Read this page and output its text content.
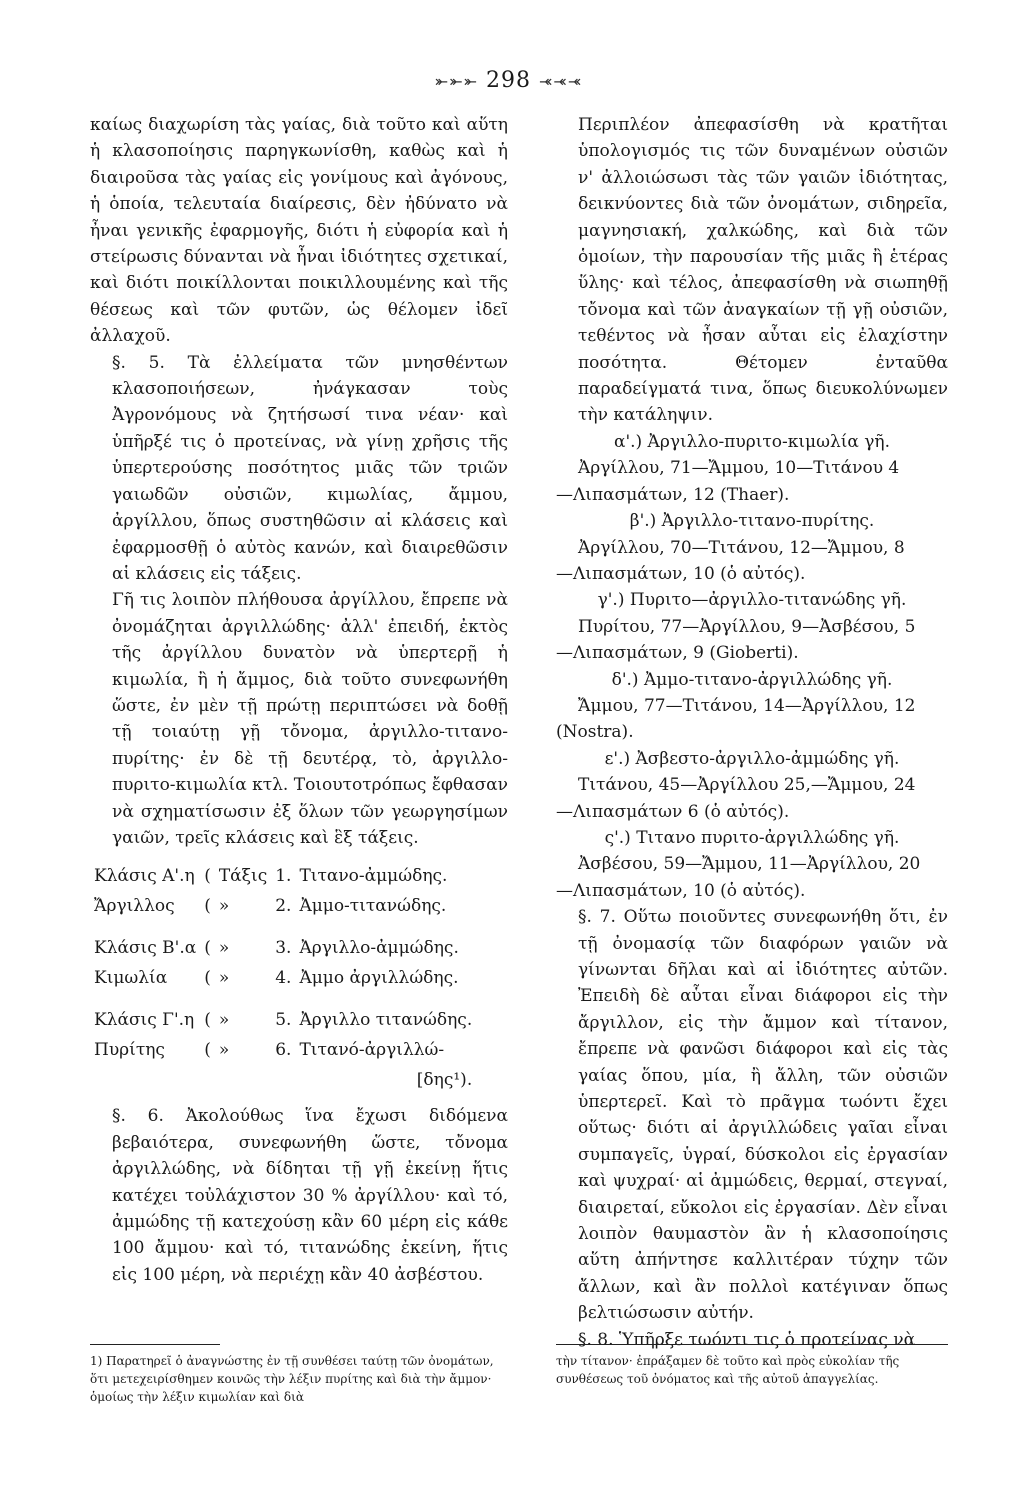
⤜⤜⤜ 298 ⤛⤛⤛

καίως διαχωρίση τὰς γαίας, διὰ τοῦτο καὶ αὕτη ἡ κλασοποίησις παρηγκωνίσθη, καθὼς καὶ ἡ διαιροῦσα τὰς γαίας εἰς γονίμους καὶ ἀγόνους, ἡ ὁποία, τελευταία διαίρεσις, δὲν ἠδύνατο νὰ ἦναι γενικῆς ἐφαρμογῆς, διότι ἡ εὐφορία καὶ ἡ στείρωσις δύνανται νὰ ἦναι ἰδιότητες σχετικαί, καὶ διότι ποικίλλονται ποικιλλουμένης καὶ τῆς θέσεως καὶ τῶν φυτῶν, ὡς θέλομεν ἰδεῖ ἀλλαχοῦ.

§. 5. Τὰ ἐλλείματα τῶν μνησθέντων κλασοποιήσεων, ἠνάγκασαν τοὺς Ἀγρονόμους νὰ ζητήσωσί τινα νέαν· καὶ ὑπῆρξέ τις ὁ προτείνας, νὰ γίνῃ χρῆσις τῆς ὑπερτερούσης ποσότητος μιᾶς τῶν τριῶν γαιωδῶν οὐσιῶν, κιμωλίας, ἄμμου, ἀργίλλου, ὅπως συστηθῶσιν αἱ κλάσεις καὶ ἐφαρμοσθῇ ὁ αὐτὸς κανών, καὶ διαιρεθῶσιν αἱ κλάσεις εἰς τάξεις.

Γῆ τις λοιπὸν πλήθουσα ἀργίλλου, ἔπρεπε νὰ ὀνομάζηται ἀργιλλώδης· ἀλλ' ἐπειδή, ἐκτὸς τῆς ἀργίλλου δυνατὸν νὰ ὑπερτερῇ ἡ κιμωλία, ἢ ἡ ἄμμος, διὰ τοῦτο συνεφωνήθη ὥστε, ἐν μὲν τῇ πρώτῃ περιπτώσει νὰ δοθῇ τῇ τοιαύτῃ γῇ τὄνομα, ἀργιλλο-τιτανο-πυρίτης· ἐν δὲ τῇ δευτέρᾳ, τὸ, ἀργιλλο-πυριτο-κιμωλία κτλ. Τοιουτοτρόπως ἔφθασαν νὰ σχηματίσωσιν ἐξ ὅλων τῶν γεωργησίμων γαιῶν, τρεῖς κλάσεις καὶ ἓξ τάξεις.

Κλάσις Α'.η	(	Τάξις	1.	Τιτανο-ἀμμώδης.
Ἄργιλλος	(	»	2.	Ἀμμο-τιτανώδης.
Κλάσις Β'.α	(	»	3.	Ἀργιλλο-ἀμμώδης.
Κιμωλία	(	»	4.	Ἀμμο ἀργιλλώδης.
Κλάσις Γ'.η	(	»	5.	Ἀργιλλο τιτανώδης.
Πυρίτης	(	»	6.	Τιτανό-ἀργιλλώ-
				[δης¹).

§. 6. Ἀκολούθως ἵνα ἔχωσι διδόμενα βεβαιότερα, συνεφωνήθη ὥστε, τὄνομα ἀργιλλώδης, νὰ δίδηται τῇ γῇ ἐκείνῃ ἥτις κατέχει τοὐλάχιστον 30 % ἀργίλλου· καὶ τό, ἀμμώδης τῇ κατεχούσῃ κἂν 60 μέρη εἰς κάθε 100 ἄμμου· καὶ τό, τιτανώδης ἐκείνη, ἥτις εἰς 100 μέρη, νὰ περιέχῃ κἂν 40 ἀσβέστου.

Περιπλέον ἀπεφασίσθη νὰ κρατῆται ὑπολογισμός τις τῶν δυναμένων οὐσιῶν ν' ἀλλοιώσωσι τὰς τῶν γαιῶν ἰδιότητας, δεικνύοντες διὰ τῶν ὀνομάτων, σιδηρεῖα, μαγνησιακή, χαλκώδης, καὶ διὰ τῶν ὁμοίων, τὴν παρουσίαν τῆς μιᾶς ἢ ἑτέρας ὕλης· καὶ τέλος, ἀπεφασίσθη νὰ σιωπηθῇ τὄνομα καὶ τῶν ἀναγκαίων τῇ γῇ οὐσιῶν, τεθέντος νὰ ἦσαν αὗται εἰς ἐλαχίστην ποσότητα. Θέτομεν ἐνταῦθα παραδείγματά τινα, ὅπως διευκολύνωμεν τὴν κατάληψιν.

α'.) Ἀργιλλο-πυριτο-κιμωλία γῆ.
Ἀργίλλου, 71—Ἄμμου, 10—Τιτάνου 4
—Λιπασμάτων, 12 (Thaer).
β'.) Ἀργιλλο-τιτανο-πυρίτης.
Ἀργίλλου, 70—Τιτάνου, 12—Ἄμμου, 8
—Λιπασμάτων, 10 (ὁ αὐτός).
γ'.) Πυριτο—ἀργιλλο-τιτανώδης γῆ.
Πυρίτου, 77—Ἀργίλλου, 9—Ἀσβέσου, 5
—Λιπασμάτων, 9 (Gioberti).
δ'.) Ἀμμο-τιτανο-ἀργιλλώδης γῆ.
Ἄμμου, 77—Τιτάνου, 14—Ἀργίλλου, 12
(Nostra).
ε'.) Ἀσβεστο-ἀργιλλο-ἀμμώδης γῆ.
Τιτάνου, 45—Ἀργίλλου 25,—Ἄμμου, 24
—Λιπασμάτων 6 (ὁ αὐτός).
ς'.) Τιτανο πυριτο-ἀργιλλώδης γῆ.
Ἀσβέσου, 59—Ἄμμου, 11—Ἀργίλλου, 20
—Λιπασμάτων, 10 (ὁ αὐτός).

§. 7. Οὕτω ποιοῦντες συνεφωνήθη ὅτι, ἐν τῇ ὀνομασίᾳ τῶν διαφόρων γαιῶν νὰ γίνωνται δῆλαι καὶ αἱ ἰδιότητες αὐτῶν. Ἐπειδὴ δὲ αὗται εἶναι διάφοροι εἰς τὴν ἄργιλλον, εἰς τὴν ἄμμον καὶ τίτανον, ἔπρεπε νὰ φανῶσι διάφοροι καὶ εἰς τὰς γαίας ὅπου, μία, ἢ ἄλλη, τῶν οὐσιῶν ὑπερτερεῖ. Καὶ τὸ πρᾶγμα τωόντι ἔχει οὕτως· διότι αἱ ἀργιλλώδεις γαῖαι εἶναι συμπαγεῖς, ὑγραί, δύσκολοι εἰς ἐργασίαν καὶ ψυχραί· αἱ ἀμμώδεις, θερμαί, στεγναί, διαιρεταί, εὔκολοι εἰς ἐργασίαν. Δὲν εἶναι λοιπὸν θαυμαστὸν ἂν ἡ κλασοποίησις αὕτη ἀπήντησε καλλιτέραν τύχην τῶν ἄλλων, καὶ ἂν πολλοὶ κατέγιναν ὅπως βελτιώσωσιν αὐτήν.

§. 8. Ὑπῆρξε τωόντι τις ὁ προτείνας νὰ

1) Παρατηρεῖ ὁ ἀναγνώστης ἐν τῇ συνθέσει ταύτῃ τῶν ὀνομάτων, ὅτι μετεχειρίσθημεν κοινῶς τὴν λέξιν πυρίτης καὶ διὰ τὴν ἄμμον· ὁμοίως τὴν λέξιν κιμωλίαν καὶ διὰ
τὴν τίτανον· ἐπράξαμεν δὲ τοῦτο καὶ πρὸς εὐκολίαν τῆς συνθέσεως τοῦ ὀνόματος καὶ τῆς αὐτοῦ ἀπαγγελίας.
